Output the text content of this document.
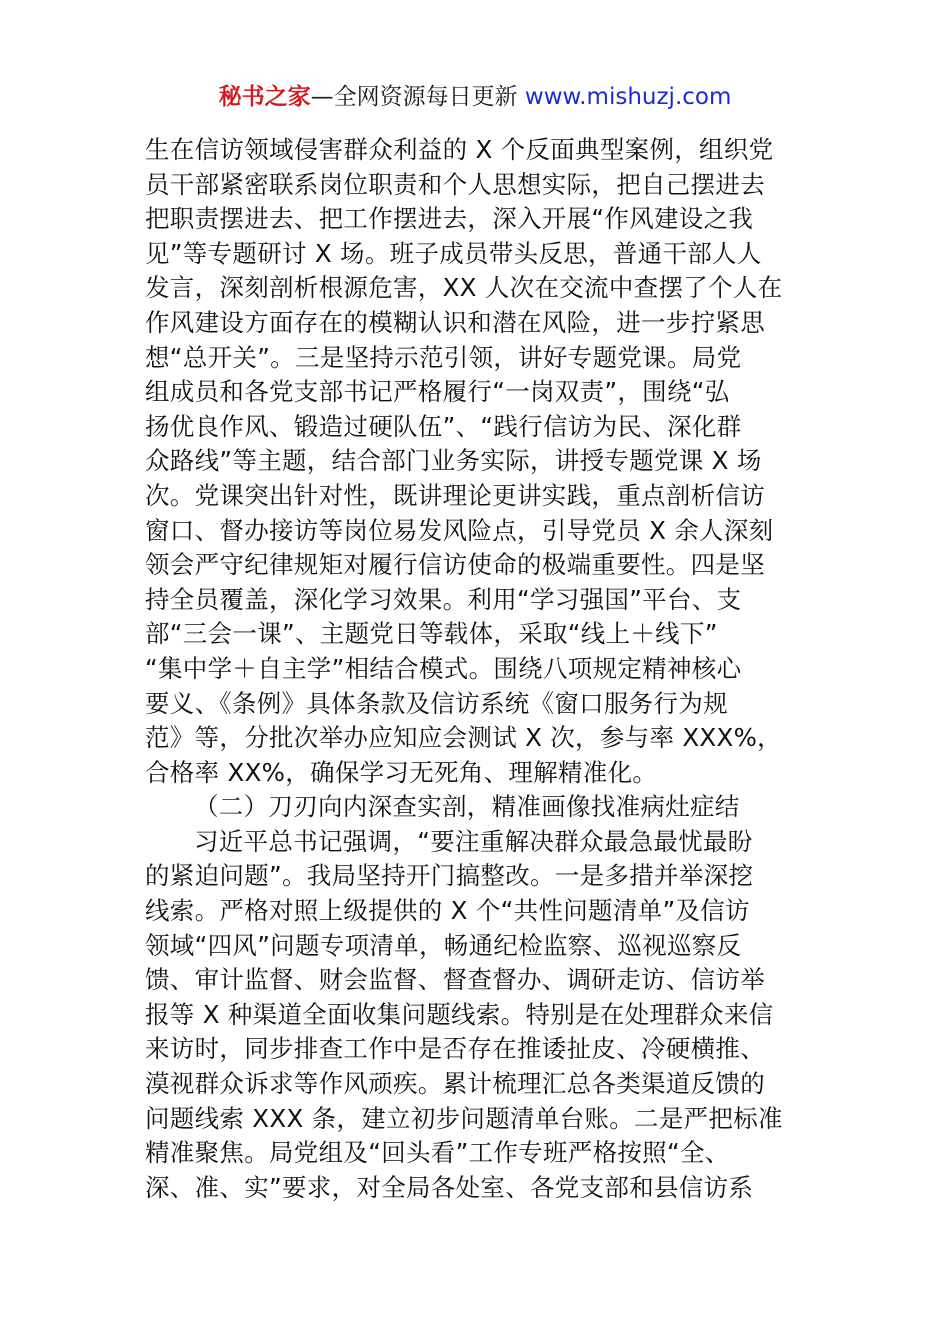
秘书之家—全网资源每日更新 www.mishuzj.com
生在信访领域侵害群众利益的 X 个反面典型案例，组织党
员干部紧密联系岗位职责和个人思想实际，把自己摆进去
把职责摆进去、把工作摆进去，深入开展“作风建设之我
见”等专题研讨 X 场。班子成员带头反思，普通干部人人
发言，深刻剖析根源危害，XX 人次在交流中查摆了个人在
作风建设方面存在的模糊认识和潜在风险，进一步拧紧思
想“总开关”。三是坚持示范引领，讲好专题党课。局党
组成员和各党支部书记严格履行“一岗双责”，围绕“弘
扬优良作风、锻造过硬队伍”、“践行信访为民、深化群
众路线”等主题，结合部门业务实际，讲授专题党课 X 场
次。党课突出针对性，既讲理论更讲实践，重点剖析信访
窗口、督办接访等岗位易发风险点，引导党员 X 余人深刻
领会严守纪律规矩对履行信访使命的极端重要性。四是坚
持全员覆盖，深化学习效果。利用“学习强国”平台、支
部“三会一课”、主题党日等载体，采取“线上＋线下”
“集中学＋自主学”相结合模式。围绕八项规定精神核心
要义、《条例》具体条款及信访系统《窗口服务行为规
范》等，分批次举办应知应会测试 X 次，参与率 XXX%，
合格率 XX%，确保学习无死角、理解精准化。
（二）刀刃向内深查实剖，精准画像找准病灶症结
习近平总书记强调，“要注重解决群众最急最忧最盼
的紧迫问题”。我局坚持开门搞整改。一是多措并举深挖
线索。严格对照上级提供的 X 个“共性问题清单”及信访
领域“四风”问题专项清单，畅通纪检监察、巡视巡察反
馈、审计监督、财会监督、督查督办、调研走访、信访举
报等 X 种渠道全面收集问题线索。特别是在处理群众来信
来访时，同步排查工作中是否存在推诿扯皮、冷硬横推、
漠视群众诉求等作风顽疾。累计梳理汇总各类渠道反馈的
问题线索 XXX 条，建立初步问题清单台账。二是严把标准
精准聚焦。局党组及“回头看”工作专班严格按照“全、
深、准、实”要求，对全局各处室、各党支部和县信访系
